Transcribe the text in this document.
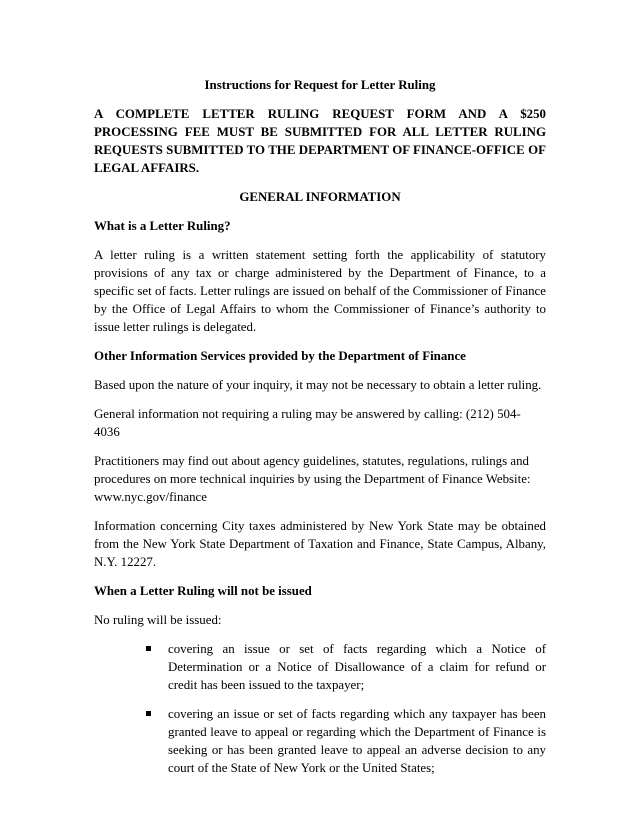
Instructions for Request for Letter Ruling

A COMPLETE LETTER RULING REQUEST FORM AND A $250 PROCESSING FEE MUST BE SUBMITTED FOR ALL LETTER RULING REQUESTS SUBMITTED TO THE DEPARTMENT OF FINANCE-OFFICE OF LEGAL AFFAIRS.

GENERAL INFORMATION

What is a Letter Ruling?

A letter ruling is a written statement setting forth the applicability of statutory provisions of any tax or charge administered by the Department of Finance, to a specific set of facts. Letter rulings are issued on behalf of the Commissioner of Finance by the Office of Legal Affairs to whom the Commissioner of Finance’s authority to issue letter rulings is delegated.

Other Information Services provided by the Department of Finance

Based upon the nature of your inquiry, it may not be necessary to obtain a letter ruling.

General information not requiring a ruling may be answered by calling: (212) 504-4036

Practitioners may find out about agency guidelines, statutes, regulations, rulings and
procedures on more technical inquiries by using the Department of Finance Website:
www.nyc.gov/finance

Information concerning City taxes administered by New York State may be obtained from the New York State Department of Taxation and Finance, State Campus, Albany, N.Y. 12227.

When a Letter Ruling will not be issued

No ruling will be issued:

covering an issue or set of facts regarding which a Notice of Determination or a Notice of Disallowance of a claim for refund or credit has been issued to the taxpayer;
covering an issue or set of facts regarding which any taxpayer has been granted leave to appeal or regarding which the Department of Finance is seeking or has been granted leave to appeal an adverse decision to any court of the State of New York or the United States;
